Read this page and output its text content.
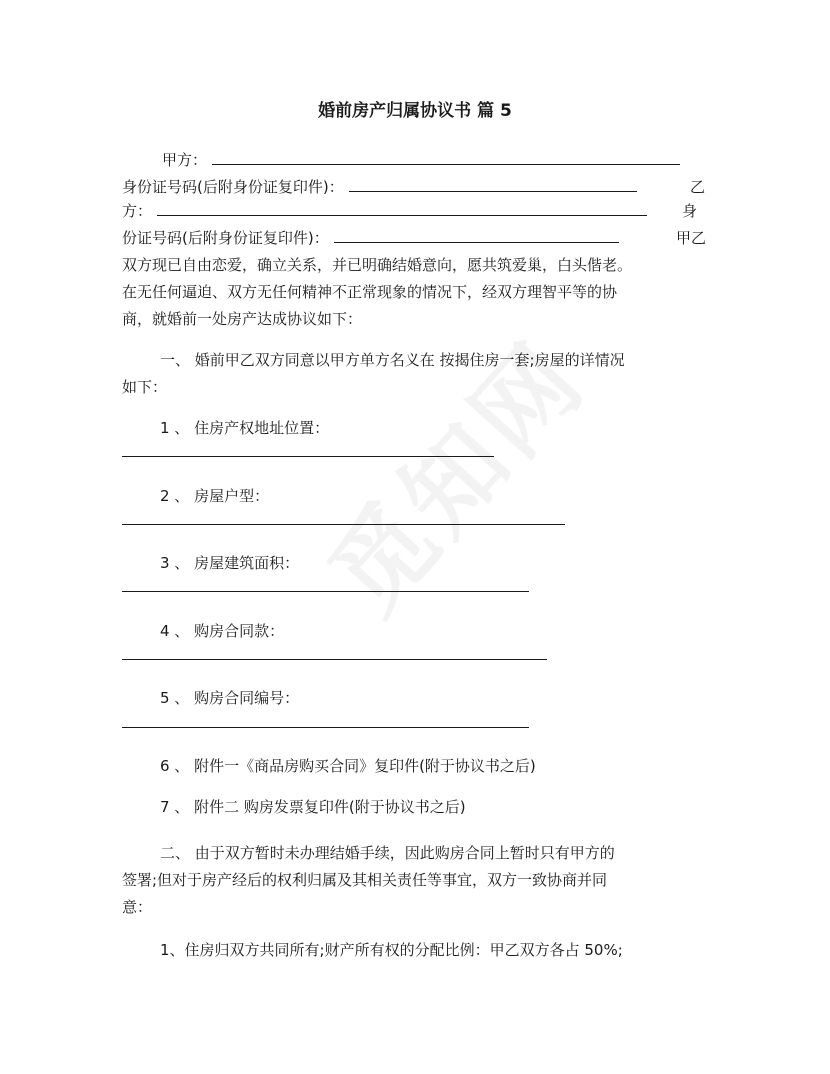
婚前房产归属协议书 篇 5
甲方：
身份证号码(后附身份证复印件)：	乙
方：	身
份证号码(后附身份证复印件)：	甲乙
双方现已自由恋爱，确立关系，并已明确结婚意向，愿共筑爱巢，白头偕老。
在无任何逼迫、双方无任何精神不正常现象的情况下，经双方理智平等的协
商，就婚前一处房产达成协议如下：
一、 婚前甲乙双方同意以甲方单方名义在 按揭住房一套;房屋的详情况
如下：
1 、 住房产权地址位置：
2 、 房屋户型：
3 、 房屋建筑面积：
4 、 购房合同款：
5 、 购房合同编号：
6 、 附件一《商品房购买合同》复印件(附于协议书之后)
7 、 附件二 购房发票复印件(附于协议书之后)
二、 由于双方暂时未办理结婚手续，因此购房合同上暂时只有甲方的
签署;但对于房产经后的权利归属及其相关责任等事宜，双方一致协商并同
意：
1、住房归双方共同所有;财产所有权的分配比例：甲乙双方各占 50%;
